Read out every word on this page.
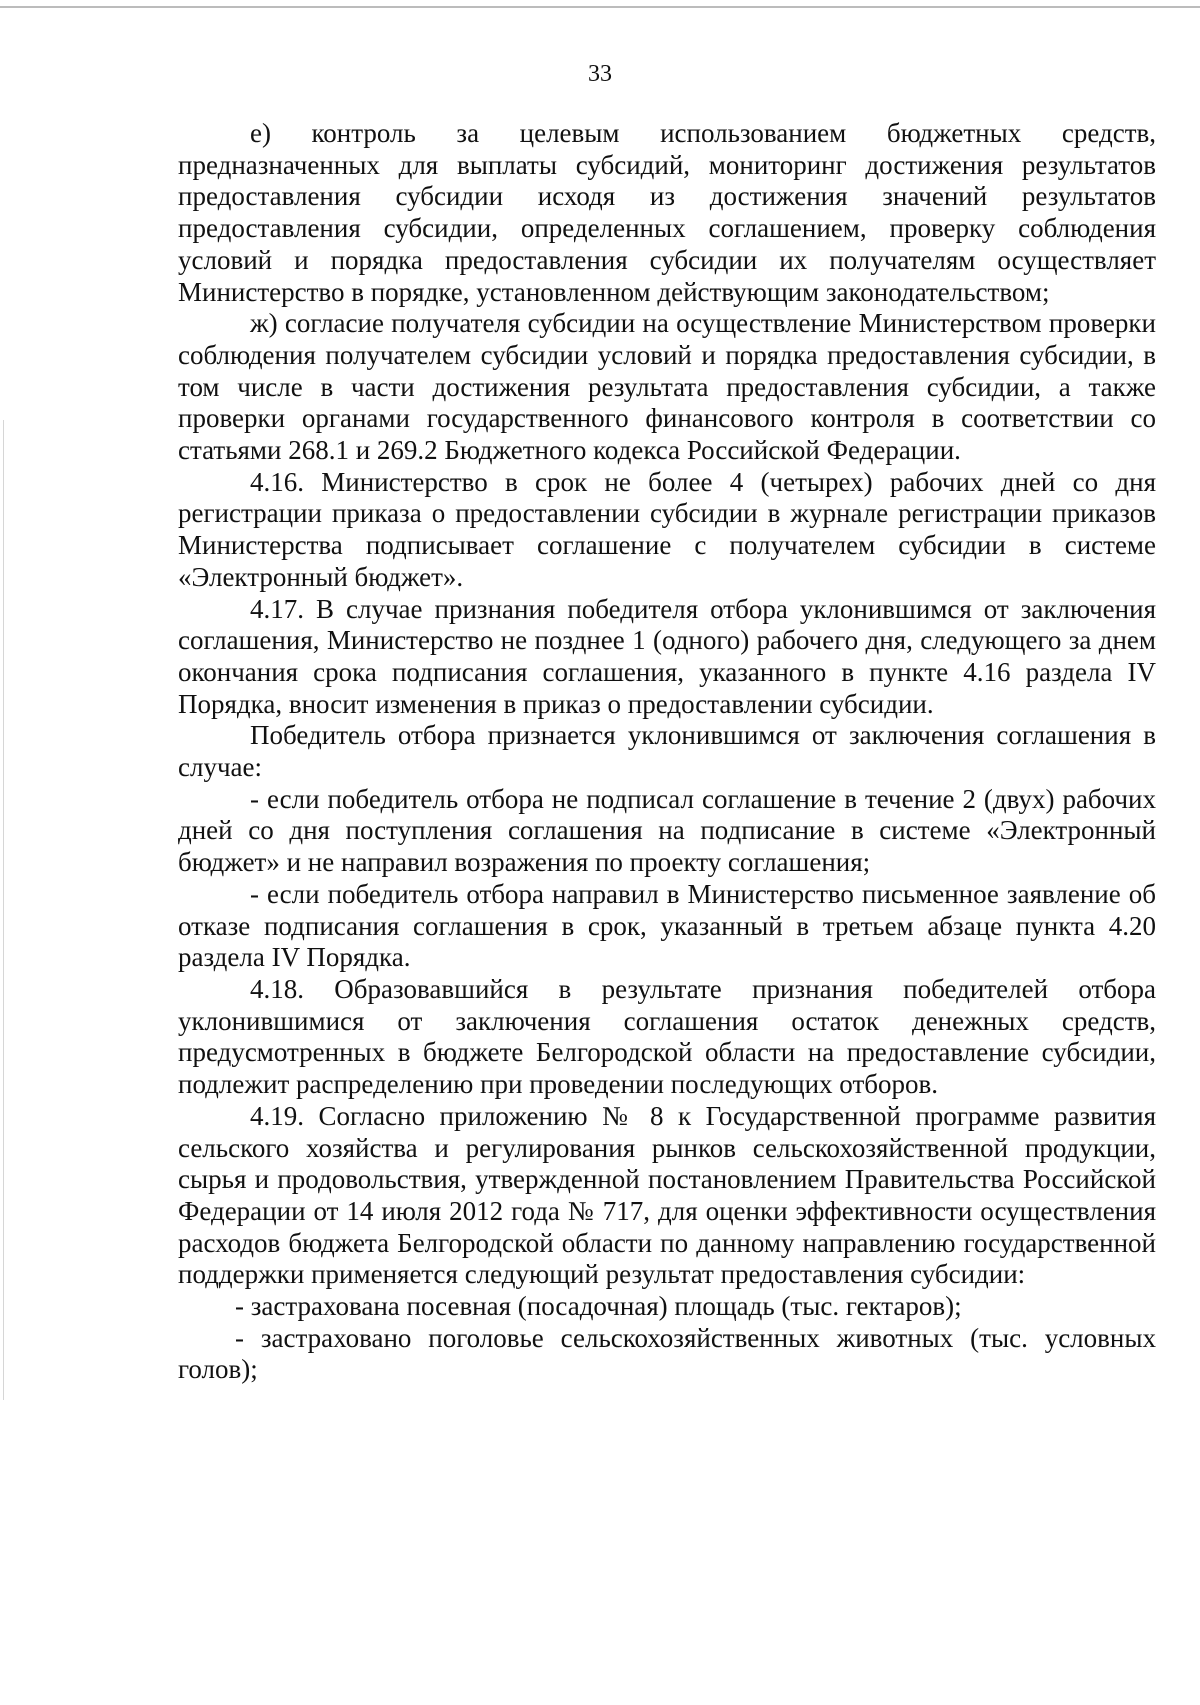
33

е) контроль за целевым использованием бюджетных средств, предназначенных для выплаты субсидий, мониторинг достижения результатов предоставления субсидии исходя из достижения значений результатов предоставления субсидии, определенных соглашением, проверку соблюдения условий и порядка предоставления субсидии их получателям осуществляет Министерство в порядке, установленном действующим законодательством;

ж) согласие получателя субсидии на осуществление Министерством проверки соблюдения получателем субсидии условий и порядка предоставления субсидии, в том числе в части достижения результата предоставления субсидии, а также проверки органами государственного финансового контроля в соответствии со статьями 268.1 и 269.2 Бюджетного кодекса Российской Федерации.

4.16. Министерство в срок не более 4 (четырех) рабочих дней со дня регистрации приказа о предоставлении субсидии в журнале регистрации приказов Министерства подписывает соглашение с получателем субсидии в системе «Электронный бюджет».

4.17. В случае признания победителя отбора уклонившимся от заключения соглашения, Министерство не позднее 1 (одного) рабочего дня, следующего за днем окончания срока подписания соглашения, указанного в пункте 4.16 раздела IV Порядка, вносит изменения в приказ о предоставлении субсидии.

Победитель отбора признается уклонившимся от заключения соглашения в случае:

- если победитель отбора не подписал соглашение в течение 2 (двух) рабочих дней со дня поступления соглашения на подписание в системе «Электронный бюджет» и не направил возражения по проекту соглашения;

- если победитель отбора направил в Министерство письменное заявление об отказе подписания соглашения в срок, указанный в третьем абзаце пункта 4.20 раздела IV Порядка.

4.18. Образовавшийся в результате признания победителей отбора уклонившимися от заключения соглашения остаток денежных средств, предусмотренных в бюджете Белгородской области на предоставление субсидии, подлежит распределению при проведении последующих отборов.

4.19. Согласно приложению № 8 к Государственной программе развития сельского хозяйства и регулирования рынков сельскохозяйственной продукции, сырья и продовольствия, утвержденной постановлением Правительства Российской Федерации от 14 июля 2012 года № 717, для оценки эффективности осуществления расходов бюджета Белгородской области по данному направлению государственной поддержки применяется следующий результат предоставления субсидии:

- застрахована посевная (посадочная) площадь (тыс. гектаров);

- застраховано поголовье сельскохозяйственных животных (тыс. условных голов);
